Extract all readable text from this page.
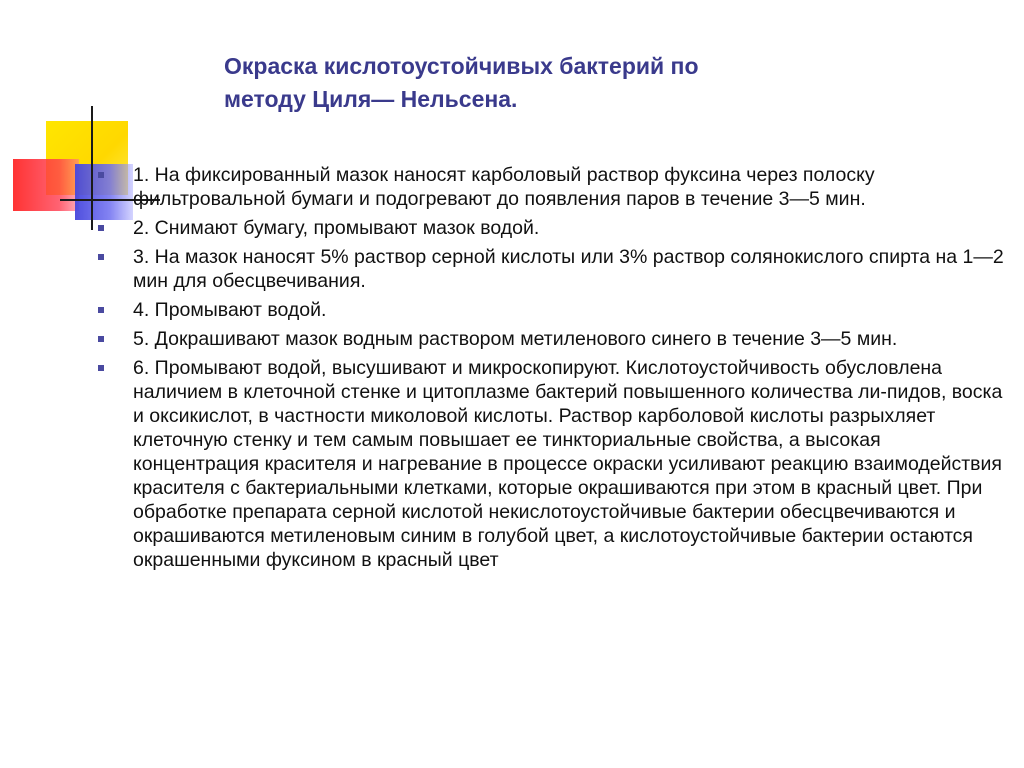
Окраска кислотоустойчивых бактерий по
методу Циля— Нельсена.
1. На фиксированный мазок наносят карболовый раствор фуксина через полоску фильтровальной бумаги и подогревают до появления паров в течение 3—5 мин.
2. Снимают бумагу, промывают мазок водой.
3. На мазок наносят 5% раствор серной кислоты или 3% раствор солянокислого спирта на 1—2 мин для обесцвечивания.
4. Промывают водой.
5. Докрашивают мазок водным раствором метиленового синего в течение 3—5 мин.
6. Промывают водой, высушивают и микроскопируют. Кислотоустойчивость обусловлена наличием в клеточной стенке и цитоплазме бактерий повышенного количества ли-пидов, воска и оксикислот, в частности миколовой кислоты. Раствор карболовой кислоты разрыхляет клеточную стенку и тем самым повышает ее тинкториальные свойства, а высокая концентрация красителя и нагревание в процессе окраски усиливают реакцию взаимодействия красителя с бактериальными клетками, которые окрашиваются при этом в красный цвет. При обработке препарата серной кислотой некислотоустойчивые бактерии обесцвечиваются и окрашиваются метиленовым синим в голубой цвет, а кислотоустойчивые бактерии остаются окрашенными фуксином в красный цвет
